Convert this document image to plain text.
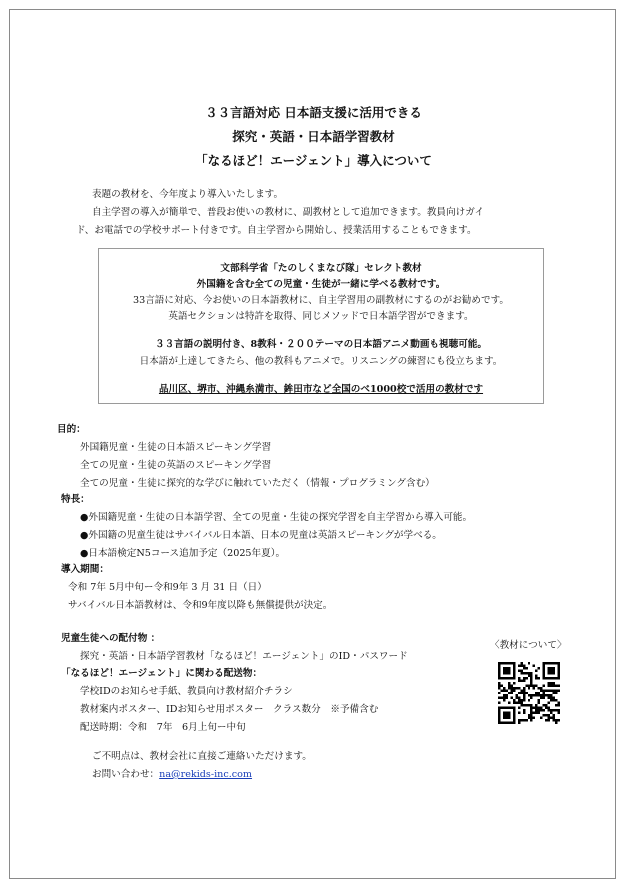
３３言語対応 日本語支援に活用できる
探究・英語・日本語学習教材
「なるほど！エージェント」導入について
表題の教材を、今年度より導入いたします。
自主学習の導入が簡単で、普段お使いの教材に、副教材として追加できます。教員向けガイ
ド、お電話での学校サポート付きです。自主学習から開始し、授業活用することもできます。
文部科学省「たのしくまなび隊」セレクト教材
外国籍を含む全ての児童・生徒が一緒に学べる教材です。
33言語に対応、今お使いの日本語教材に、自主学習用の副教材にするのがお勧めです。
英語セクションは特許を取得、同じメソッドで日本語学習ができます。
３３言語の説明付き、8教科・２００テーマの日本語アニメ動画も視聴可能。
日本語が上達してきたら、他の教科もアニメで。リスニングの練習にも役立ちます。
品川区、堺市、沖縄糸満市、鉾田市など全国のべ1000校で活用の教材です
目的：
外国籍児童・生徒の日本語スピーキング学習
全ての児童・生徒の英語のスピーキング学習
全ての児童・生徒に探究的な学びに触れていただく（情報・プログラミング含む）
特長：
●外国籍児童・生徒の日本語学習、全ての児童・生徒の探究学習を自主学習から導入可能。
●外国籍の児童生徒はサバイバル日本語、日本の児童は英語スピーキングが学べる。
●日本語検定N5コース追加予定（2025年夏）。
導入期間：
令和 7年 5月中旬ー令和9年 3 月 31 日（日）
サバイバル日本語教材は、令和9年度以降も無償提供が決定。
児童生徒への配付物 ：
探究・英語・日本語学習教材「なるほど！エージェント」のID・パスワード
「なるほど！エージェント」に関わる配送物：
学校IDのお知らせ手紙、教員向け教材紹介チラシ
教材案内ポスター、IDお知らせ用ポスター　クラス数分　※予備含む
配送時期：令和　7年　6月上旬ー中旬
〈教材について〉
ご不明点は、教材会社に直接ご連絡いただけます。
お問い合わせ：na@rekids-inc.com
